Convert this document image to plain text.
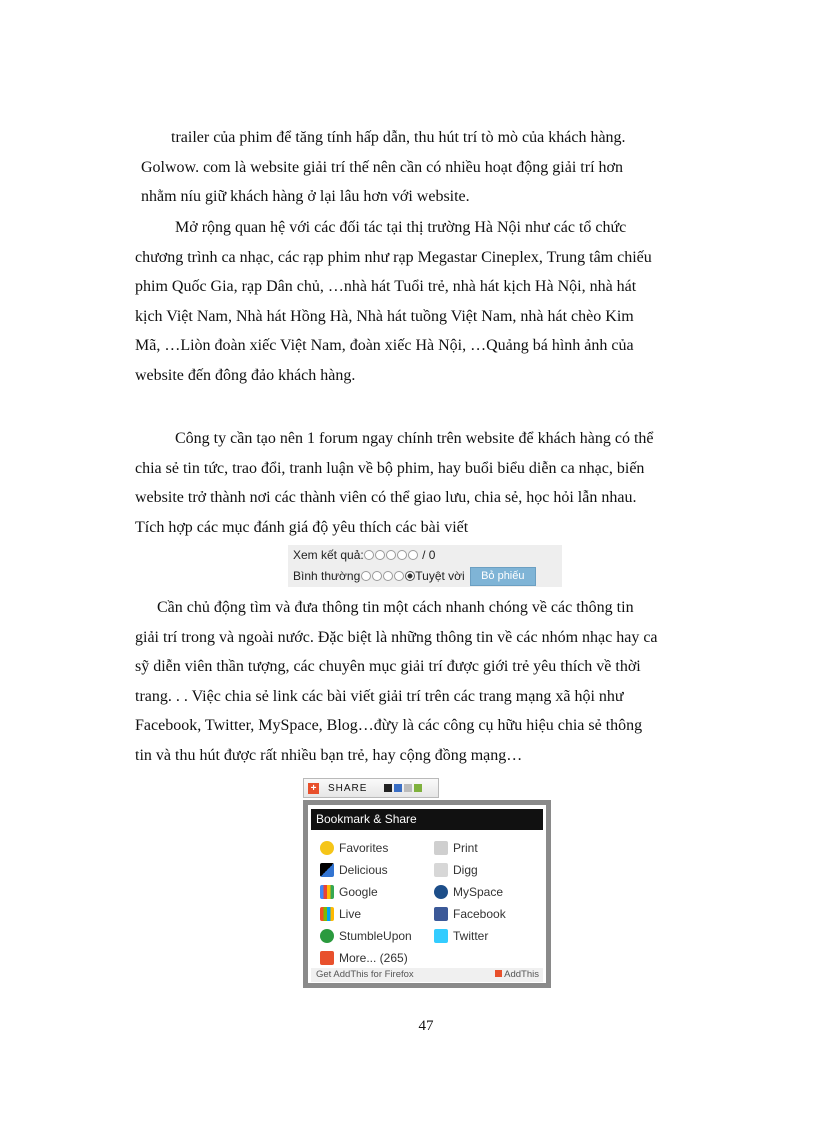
trailer của phim để tăng tính hấp dẫn, thu hút trí tò mò của khách hàng.
Golwow. com là website giải trí thế nên cần có nhiều hoạt động giải trí hơn
nhằm níu giữ khách hàng ở lại lâu hơn với website.
Mở rộng quan hệ với các đối tác tại thị trường Hà Nội như các tổ chức
chương trình ca nhạc, các rạp phim như rạp Megastar Cineplex, Trung tâm chiếu
phim Quốc Gia, rạp Dân chủ, …nhà hát Tuổi trẻ, nhà hát kịch Hà Nội, nhà hát
kịch Việt Nam, Nhà hát Hồng Hà, Nhà hát tuồng Việt Nam, nhà hát chèo Kim
Mã, …Liòn đoàn xiếc Việt Nam, đoàn xiếc Hà Nội, …Quảng bá hình ảnh của
website đến đông đảo khách hàng.
Công ty cần tạo nên 1 forum ngay chính trên website để khách hàng có thể
chia sẻ tin tức, trao đổi, tranh luận về bộ phim, hay buổi biểu diễn ca nhạc, biến
website trở thành nơi các thành viên có thể giao lưu, chia sẻ, học hỏi lẫn nhau.
Tích hợp các mục đánh giá độ yêu thích các bài viết
Xem kết quả:	/ 0
Bình thường	Tuyệt vời Bỏ phiếu
Cần chủ động tìm và đưa thông tin một cách nhanh chóng về các thông tin
giải trí trong và ngoài nước. Đặc biệt là những thông tin về các nhóm nhạc hay ca
sỹ diễn viên thần tượng, các chuyên mục giải trí được giới trẻ yêu thích về thời
trang. . . Việc chia sẻ link các bài viết giải trí trên các trang mạng xã hội như
Facebook, Twitter, MySpace, Blog…đừy là các công cụ hữu hiệu chia sẻ thông
tin và thu hút được rất nhiều bạn trẻ, hay cộng đồng mạng…
+ SHARE
Bookmark & Share
Favorites	Print
Delicious	Digg
Google	MySpace
Live	Facebook
StumbleUpon	Twitter
More... (265)
Get AddThis for Firefox	AddThis
47
